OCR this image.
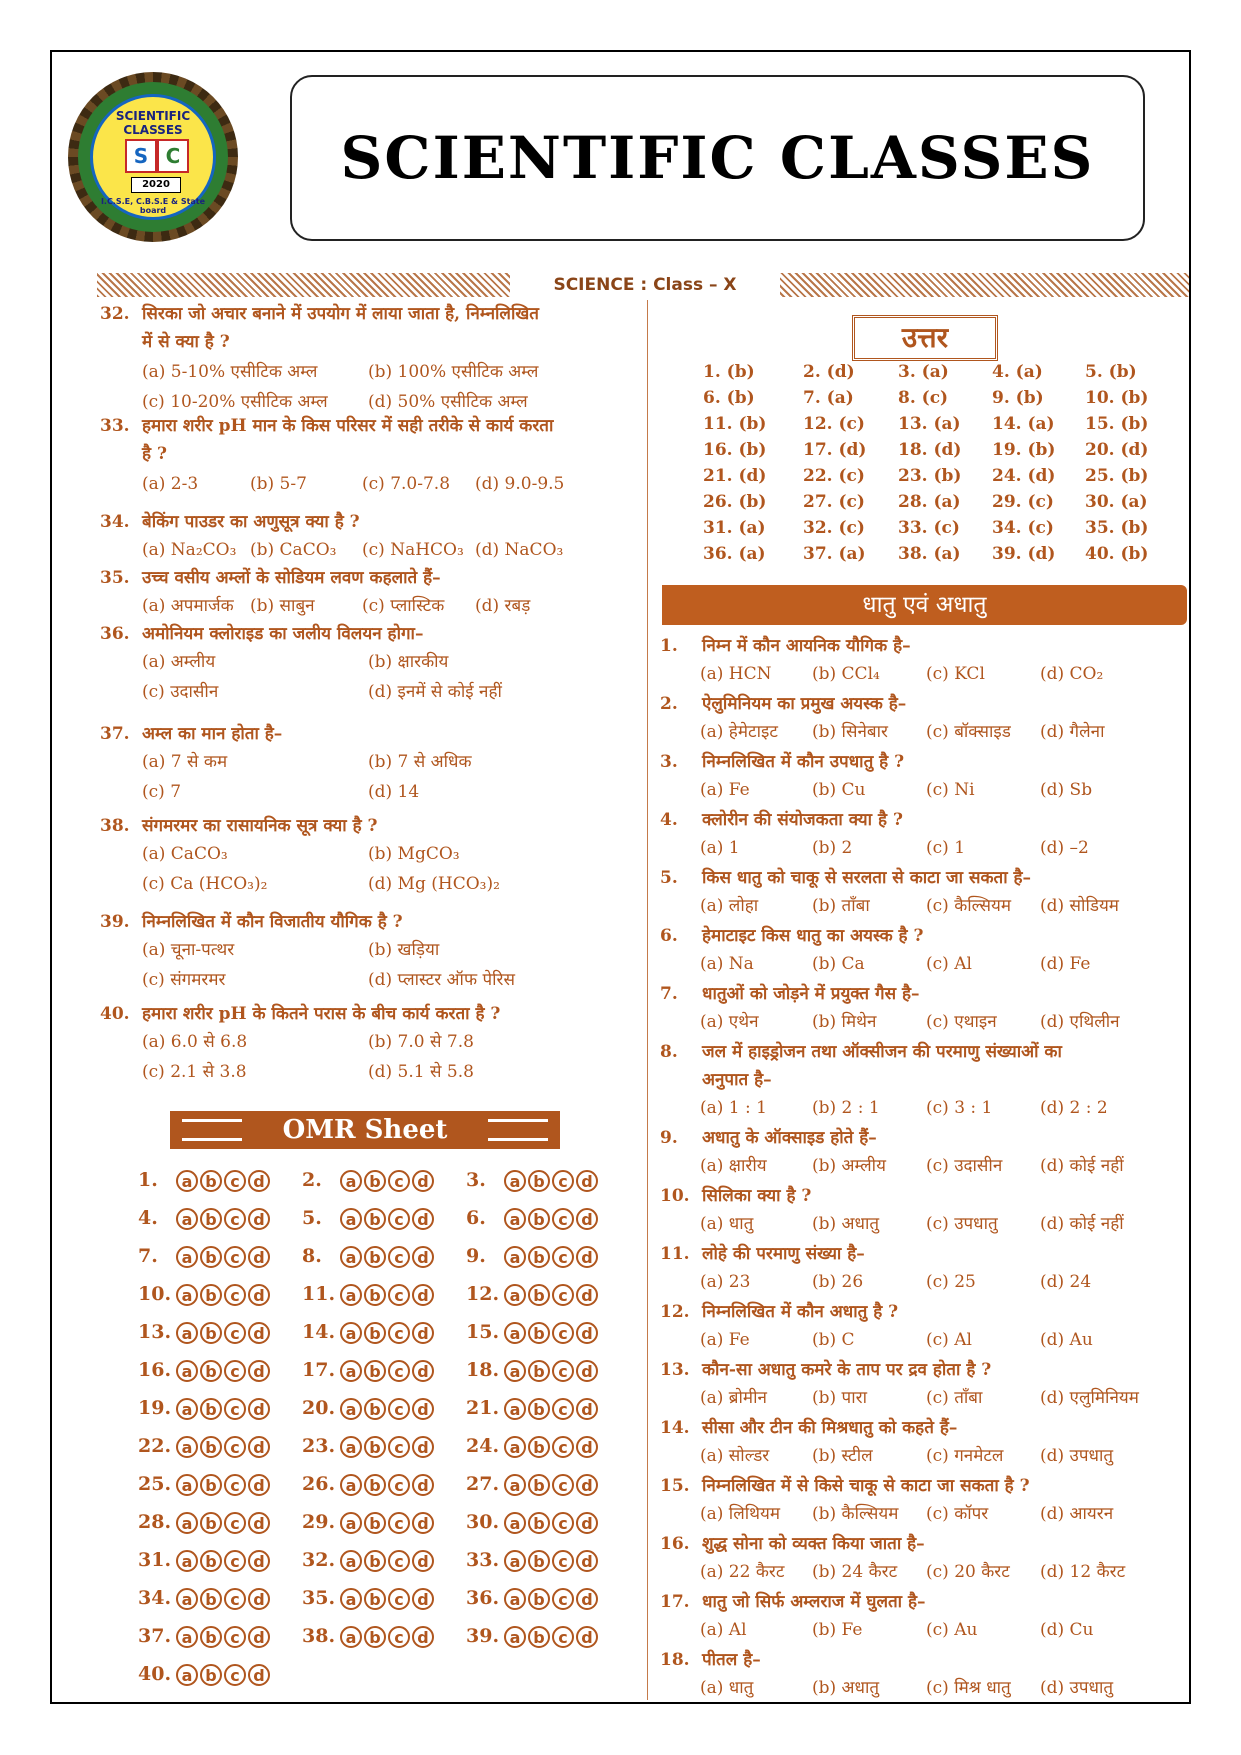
SCIENTIFIC CLASSES
S C
2020
I.C.S.E, C.B.S.E & State board
SCIENTIFIC CLASSES
SCIENCE : Class – X
32. सिरका जो अचार बनाने में उपयोग में लाया जाता है, निम्नलिखित
में से क्या है ?
(a) 5-10% एसीटिक अम्ल	(b) 100% एसीटिक अम्ल
(c) 10-20% एसीटिक अम्ल (d) 50% एसीटिक अम्ल
33. हमारा शरीर pH मान के किस परिसर में सही तरीके से कार्य करता
है ?
(a) 2-3	(b) 5-7	(c) 7.0-7.8 (d) 9.0-9.5
34. बेकिंग पाउडर का अणुसूत्र क्या है ?
(a) Na₂CO₃ (b) CaCO₃ (c) NaHCO₃ (d) NaCO₃
35. उच्च वसीय अम्लों के सोडियम लवण कहलाते हैं–
(a) अपमार्जक (b) साबुन	(c) प्लास्टिक (d) रबड़
36. अमोनियम क्लोराइड का जलीय विलयन होगा–
(a) अम्लीय	(b) क्षारकीय
(c) उदासीन	(d) इनमें से कोई नहीं
37. अम्ल का मान होता है–
(a) 7 से कम	(b) 7 से अधिक
(c) 7	(d) 14
38. संगमरमर का रासायनिक सूत्र क्या है ?
(a) CaCO₃	(b) MgCO₃
(c) Ca (HCO₃)₂	(d) Mg (HCO₃)₂
39. निम्नलिखित में कौन विजातीय यौगिक है ?
(a) चूना-पत्थर	(b) खड़िया
(c) संगमरमर	(d) प्लास्टर ऑफ पेरिस
40. हमारा शरीर pH के कितने परास के बीच कार्य करता है ?
(a) 6.0 से 6.8	(b) 7.0 से 7.8
(c) 2.1 से 3.8	(d) 5.1 से 5.8
OMR Sheet
1. a b c d	2. a b c d	3. a b c d
4. a b c d	5. a b c d	6. a b c d
7. a b c d	8. a b c d	9. a b c d
10. a b c d	11. a b c d	12. a b c d
13. a b c d	14. a b c d	15. a b c d
16. a b c d	17. a b c d	18. a b c d
19. a b c d	20. a b c d	21. a b c d
22. a b c d	23. a b c d	24. a b c d
25. a b c d	26. a b c d	27. a b c d
28. a b c d	29. a b c d	30. a b c d
31. a b c d	32. a b c d	33. a b c d
34. a b c d	35. a b c d	36. a b c d
37. a b c d	38. a b c d	39. a b c d
40. a b c d
उत्तर
1. (b)	2. (d)	3. (a)	4. (a) 5. (b)
6. (b)	7. (a)	8. (c)	9. (b) 10. (b)
11. (b) 12. (c) 13. (a) 14. (a) 15. (b)
16. (b) 17. (d) 18. (d) 19. (b) 20. (d)
21. (d) 22. (c) 23. (b) 24. (d) 25. (b)
26. (b) 27. (c) 28. (a) 29. (c) 30. (a)
31. (a) 32. (c) 33. (c) 34. (c) 35. (b)
36. (a) 37. (a) 38. (a) 39. (d) 40. (b)
धातु एवं अधातु
1. निम्न में कौन आयनिक यौगिक है–
(a) HCN (b) CCl₄	(c) KCl	(d) CO₂
2. ऐलुमिनियम का प्रमुख अयस्क है–
(a) हेमेटाइट (b) सिनेबार (c) बॉक्साइड (d) गैलेना
3. निम्नलिखित में कौन उपधातु है ?
(a) Fe	(b) Cu	(c) Ni	(d) Sb
4. क्लोरीन की संयोजकता क्या है ?
(a) 1	(b) 2	(c) 1	(d) –2
5. किस धातु को चाकू से सरलता से काटा जा सकता है–
(a) लोहा	(b) ताँबा	(c) कैल्सियम (d) सोडियम
6. हेमाटाइट किस धातु का अयस्क है ?
(a) Na	(b) Ca	(c) Al	(d) Fe
7. धातुओं को जोड़ने में प्रयुक्त गैस है–
(a) एथेन	(b) मिथेन	(c) एथाइन	(d) एथिलीन
8. जल में हाइड्रोजन तथा ऑक्सीजन की परमाणु संख्याओं का
अनुपात है–
(a) 1 : 1	(b) 2 : 1	(c) 3 : 1	(d) 2 : 2
9. अधातु के ऑक्साइड होते हैं–
(a) क्षारीय	(b) अम्लीय (c) उदासीन (d) कोई नहीं
10. सिलिका क्या है ?
(a) धातु	(b) अधातु	(c) उपधातु (d) कोई नहीं
11. लोहे की परमाणु संख्या है–
(a) 23	(b) 26	(c) 25	(d) 24
12. निम्नलिखित में कौन अधातु है ?
(a) Fe	(b) C	(c) Al	(d) Au
13. कौन-सा अधातु कमरे के ताप पर द्रव होता है ?
(a) ब्रोमीन	(b) पारा	(c) ताँबा	(d) एलुमिनियम
14. सीसा और टीन की मिश्रधातु को कहते हैं–
(a) सोल्डर	(b) स्टील	(c) गनमेटल (d) उपधातु
15. निम्नलिखित में से किसे चाकू से काटा जा सकता है ?
(a) लिथियम (b) कैल्सियम (c) कॉपर	(d) आयरन
16. शुद्ध सोना को व्यक्त किया जाता है–
(a) 22 कैरट (b) 24 कैरट (c) 20 कैरट (d) 12 कैरट
17. धातु जो सिर्फ अम्लराज में घुलता है–
(a) Al	(b) Fe	(c) Au	(d) Cu
18. पीतल है–
(a) धातु	(b) अधातु	(c) मिश्र धातु (d) उपधातु
